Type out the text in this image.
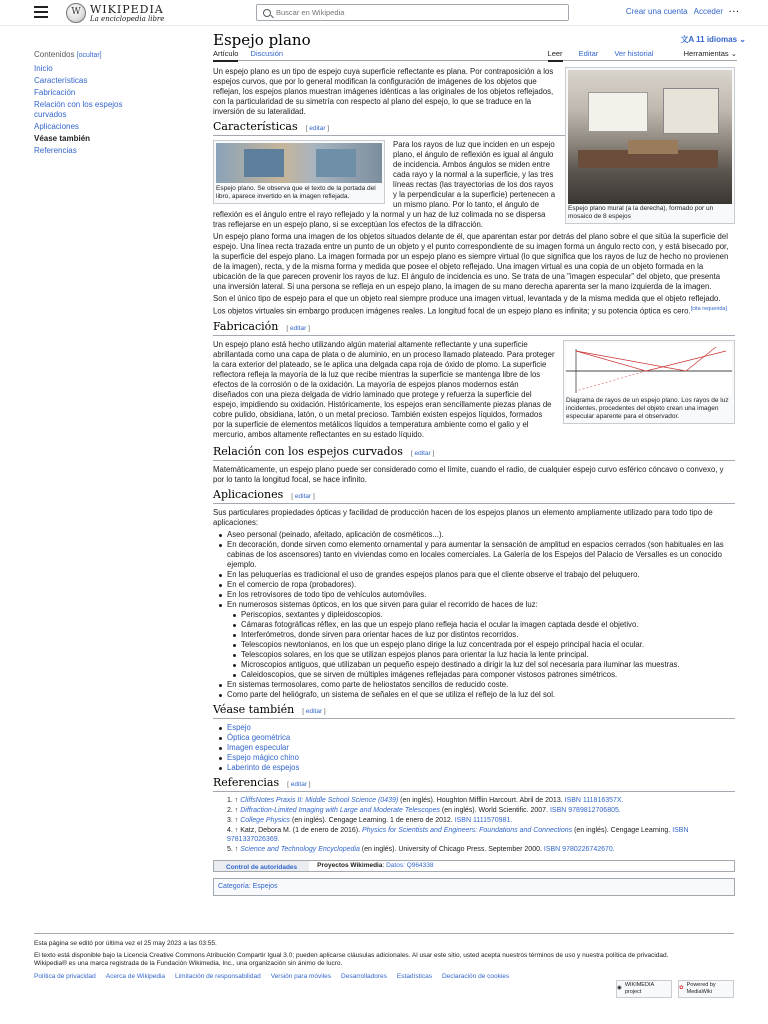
W WIKIPEDIA
La enciclopedia libre
Buscar en Wikipedia
Crear una cuenta Acceder ···
Contenidos [ocultar]
Inicio
Características
Fabricación
Relación con los espejos curvados
Aplicaciones
Véase también
Referencias
Espejo plano	文A 11 idiomas ⌄
Artículo Discusión	Leer Editar Ver historial	Herramientas ⌄
Espejo plano mural (a la derecha), formado por un mosaico de 8 espejos

Un espejo plano es un tipo de espejo cuya superficie reflectante es plana. Por contraposición a los espejos curvos, que por lo general modifican la configuración de imágenes de los objetos que reflejan, los espejos planos muestran imágenes idénticas a las originales de los objetos reflejados, con la particularidad de su simetría con respecto al plano del espejo, lo que se traduce en la inversión de su lateralidad.

Características [ editar ]
Espejo plano. Se observa que el texto de la portada del libro, aparece invertido en la imagen reflejada.

Para los rayos de luz que inciden en un espejo plano, el ángulo de reflexión es igual al ángulo de incidencia. Ambos ángulos se miden entre cada rayo y la normal a la superficie, y las tres líneas rectas (las trayectorias de los dos rayos y la perpendicular a la superficie) pertenecen a un mismo plano. Por lo tanto, el ángulo de reflexión es el ángulo entre el rayo reflejado y la normal y un haz de luz colimada no se dispersa tras reflejarse en un espejo plano, si se exceptúan los efectos de la difracción.

Un espejo plano forma una imagen de los objetos situados delante de él, que aparentan estar por detrás del plano sobre el que sitúa la superficie del espejo. Una línea recta trazada entre un punto de un objeto y el punto correspondiente de su imagen forma un ángulo recto con, y está bisecado por, la superficie del espejo plano. La imagen formada por un espejo plano es siempre virtual (lo que significa que los rayos de luz de hecho no provienen de la imagen), recta, y de la misma forma y medida que posee el objeto reflejado. Una imagen virtual es una copia de un objeto formada en la ubicación de la que parecen provenir los rayos de luz. El ángulo de incidencia es uno. Se trata de una "imagen especular" del objeto, que presenta una inversión lateral. Si una persona se refleja en un espejo plano, la imagen de su mano derecha aparenta ser la mano izquierda de la imagen.

Son el único tipo de espejo para el que un objeto real siempre produce una imagen virtual, levantada y de la misma medida que el objeto reflejado. Los objetos virtuales sin embargo producen imágenes reales. La longitud focal de un espejo plano es infinita; y su potencia óptica es cero.[cita requerida]

Fabricación [ editar ]
Diagrama de rayos de un espejo plano. Los rayos de luz incidentes, procedentes del objeto crean una imagen especular aparente para el observador.

Un espejo plano está hecho utilizando algún material altamente reflectante y una superficie abrillantada como una capa de plata o de aluminio, en un proceso llamado plateado. Para proteger la cara exterior del plateado, se le aplica una delgada capa roja de óxido de plomo. La superficie reflectora refleja la mayoría de la luz que recibe mientras la superficie se mantenga libre de los efectos de la corrosión o de la oxidación. La mayoría de espejos planos modernos están diseñados con una pieza delgada de vidrio laminado que protege y refuerza la superficie del espejo, impidiendo su oxidación. Históricamente, los espejos eran sencillamente piezas planas de cobre pulido, obsidiana, latón, o un metal precioso. También existen espejos líquidos, formados por la superficie de elementos metálicos líquidos a temperatura ambiente como el galio y el mercurio, ambos altamente reflectantes en su estado líquido.

Relación con los espejos curvados [ editar ]

Matemáticamente, un espejo plano puede ser considerado como el límite, cuando el radio, de cualquier espejo curvo esférico cóncavo o convexo, y por lo tanto la longitud focal, se hace infinito.

Aplicaciones [ editar ]

Sus particulares propiedades ópticas y facilidad de producción hacen de los espejos planos un elemento ampliamente utilizado para todo tipo de aplicaciones:

Aseo personal (peinado, afeitado, aplicación de cosméticos...).
En decoración, donde sirven como elemento ornamental y para aumentar la sensación de amplitud en espacios cerrados (son habituales en las cabinas de los ascensores) tanto en viviendas como en locales comerciales. La Galería de los Espejos del Palacio de Versalles es un conocido ejemplo.
En las peluquerías es tradicional el uso de grandes espejos planos para que el cliente observe el trabajo del peluquero.
En el comercio de ropa (probadores).
En los retrovisores de todo tipo de vehículos automóviles.
En numerosos sistemas ópticos, en los que sirven para guiar el recorrido de haces de luz:
Periscopios, sextantes y dipleidoscopios.
Cámaras fotográficas réflex, en las que un espejo plano refleja hacia el ocular la imagen captada desde el objetivo.
Interferómetros, donde sirven para orientar haces de luz por distintos recorridos.
Telescopios newtonianos, en los que un espejo plano dirige la luz concentrada por el espejo principal hacia el ocular.
Telescopios solares, en los que se utilizan espejos planos para orientar la luz hacia la lente principal.
Microscopios antiguos, que utilizaban un pequeño espejo destinado a dirigir la luz del sol necesaria para iluminar las muestras.
Caleidoscopios, que se sirven de múltiples imágenes reflejadas para componer vistosos patrones simétricos.
En sistemas termosolares, como parte de heliostatos sencillos de reducido coste.
Como parte del heliógrafo, un sistema de señales en el que se utiliza el reflejo de la luz del sol.
Véase también [ editar ]
Espejo
Óptica geométrica
Imagen especular
Espejo mágico chino
Laberinto de espejos
Referencias [ editar ]
1. ↑ CliffsNotes Praxis II: Middle School Science (0439) (en inglés). Houghton Mifflin Harcourt. Abril de 2013. ISBN 111816357X.
2. ↑ Diffraction-Limited Imaging with Large and Moderate Telescopes (en inglés). World Scientific. 2007. ISBN 9789812706805.
3. ↑ College Physics (en inglés). Cengage Learning. 1 de enero de 2012. ISBN 1111570981.
4. ↑ Katz, Debora M. (1 de enero de 2016). Physics for Scientists and Engineers: Foundations and Connections (en inglés). Cengage Learning. ISBN 9781337026369.
5. ↑ Science and Technology Encyclopedia (en inglés). University of Chicago Press. September 2000. ISBN 9780226742670.
Control de autoridades	Proyectos Wikimedia: Datos: Q964338
Categoría: Espejos
Esta página se editó por última vez el 25 may 2023 a las 03:55.
El texto está disponible bajo la Licencia Creative Commons Atribución Compartir Igual 3.0; pueden aplicarse cláusulas adicionales. Al usar este sitio, usted acepta nuestros términos de uso y nuestra política de privacidad.
Wikipedia® es una marca registrada de la Fundación Wikimedia, Inc., una organización sin ánimo de lucro.
Política de privacidad Acerca de Wikipedia Limitación de responsabilidad Versión para móviles Desarrolladores Estadísticas Declaración de cookies
◉
WIKIMEDIA project
✿
Powered by MediaWiki
